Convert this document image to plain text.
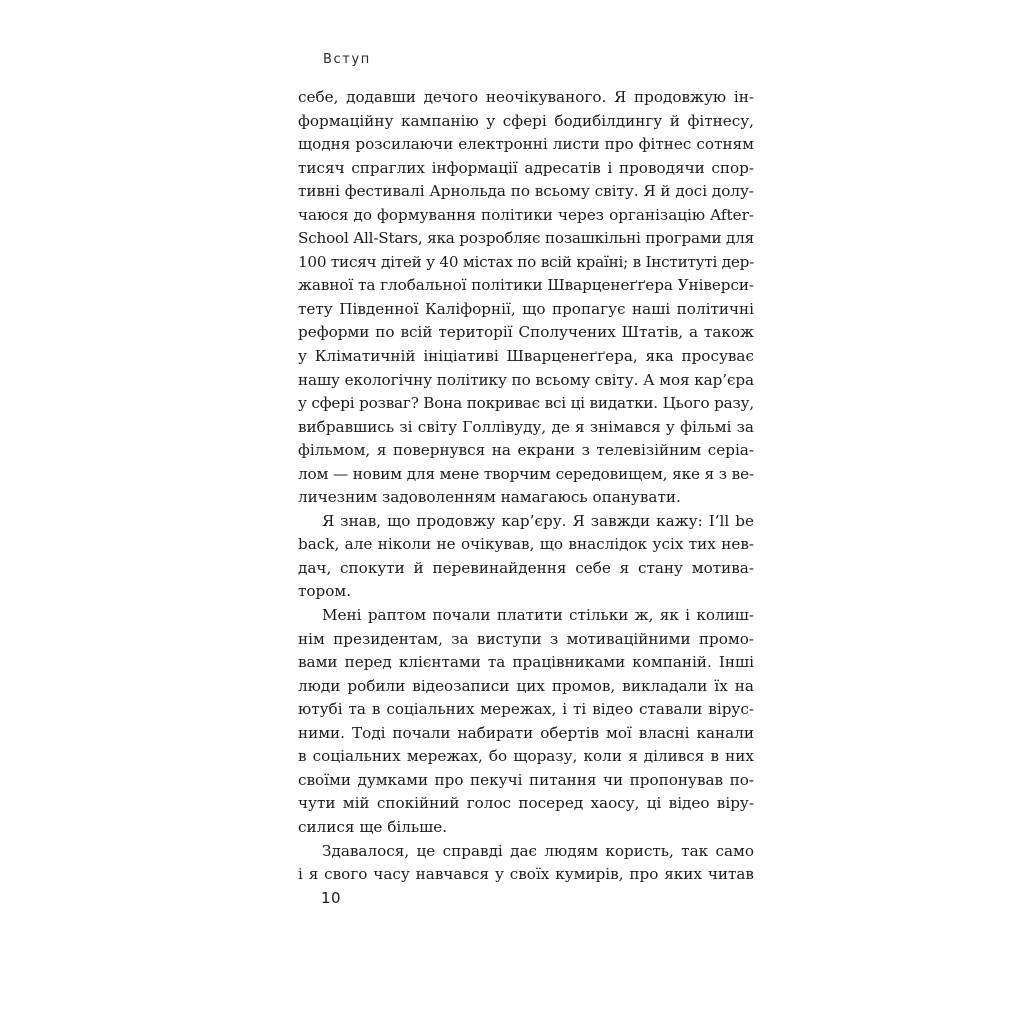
Вступ
себе, додавши дечого неочікуваного. Я продовжую ін-
формаційну кампанію у сфері бодибілдингу й фітнесу,
щодня розсилаючи електронні листи про фітнес сотням
тисяч спраглих інформації адресатів і проводячи спор-
тивні фестивалі Арнольда по всьому світу. Я й досі долу-
чаюся до формування політики через організацію After-
School All-Stars, яка розробляє позашкільні програми для
100 тисяч дітей у 40 містах по всій країні; в Інституті дер-
жавної та глобальної політики Шварценеґґера Універси-
тету Південної Каліфорнії, що пропагує наші політичні
реформи по всій території Сполучених Штатів, а також
у Кліматичній ініціативі Шварценеґґера, яка просуває
нашу екологічну політику по всьому світу. А моя кар’єра
у сфері розваг? Вона покриває всі ці видатки. Цього разу,
вибравшись зі світу Голлівуду, де я знімався у фільмі за
фільмом, я повернувся на екрани з телевізійним серіа-
лом — новим для мене творчим середовищем, яке я з ве-
личезним задоволенням намагаюсь опанувати.
Я знав, що продовжу кар’єру. Я завжди кажу: I’ll be
back, але ніколи не очікував, що внаслідок усіх тих нев-
дач, спокути й перевинайдення себе я стану мотива-
тором.
Мені раптом почали платити стільки ж, як і колиш-
нім президентам, за виступи з мотиваційними промо-
вами перед клієнтами та працівниками компаній. Інші
люди робили відеозаписи цих промов, викладали їх на
ютубі та в соціальних мережах, і ті відео ставали вірус-
ними. Тоді почали набирати обертів мої власні канали
в соціальних мережах, бо щоразу, коли я ділився в них
своїми думками про пекучі питання чи пропонував по-
чути мій спокійний голос посеред хаосу, ці відео віру-
силися ще більше.
Здавалося, це справді дає людям користь, так само
і я свого часу навчався у своїх кумирів, про яких читав
10
